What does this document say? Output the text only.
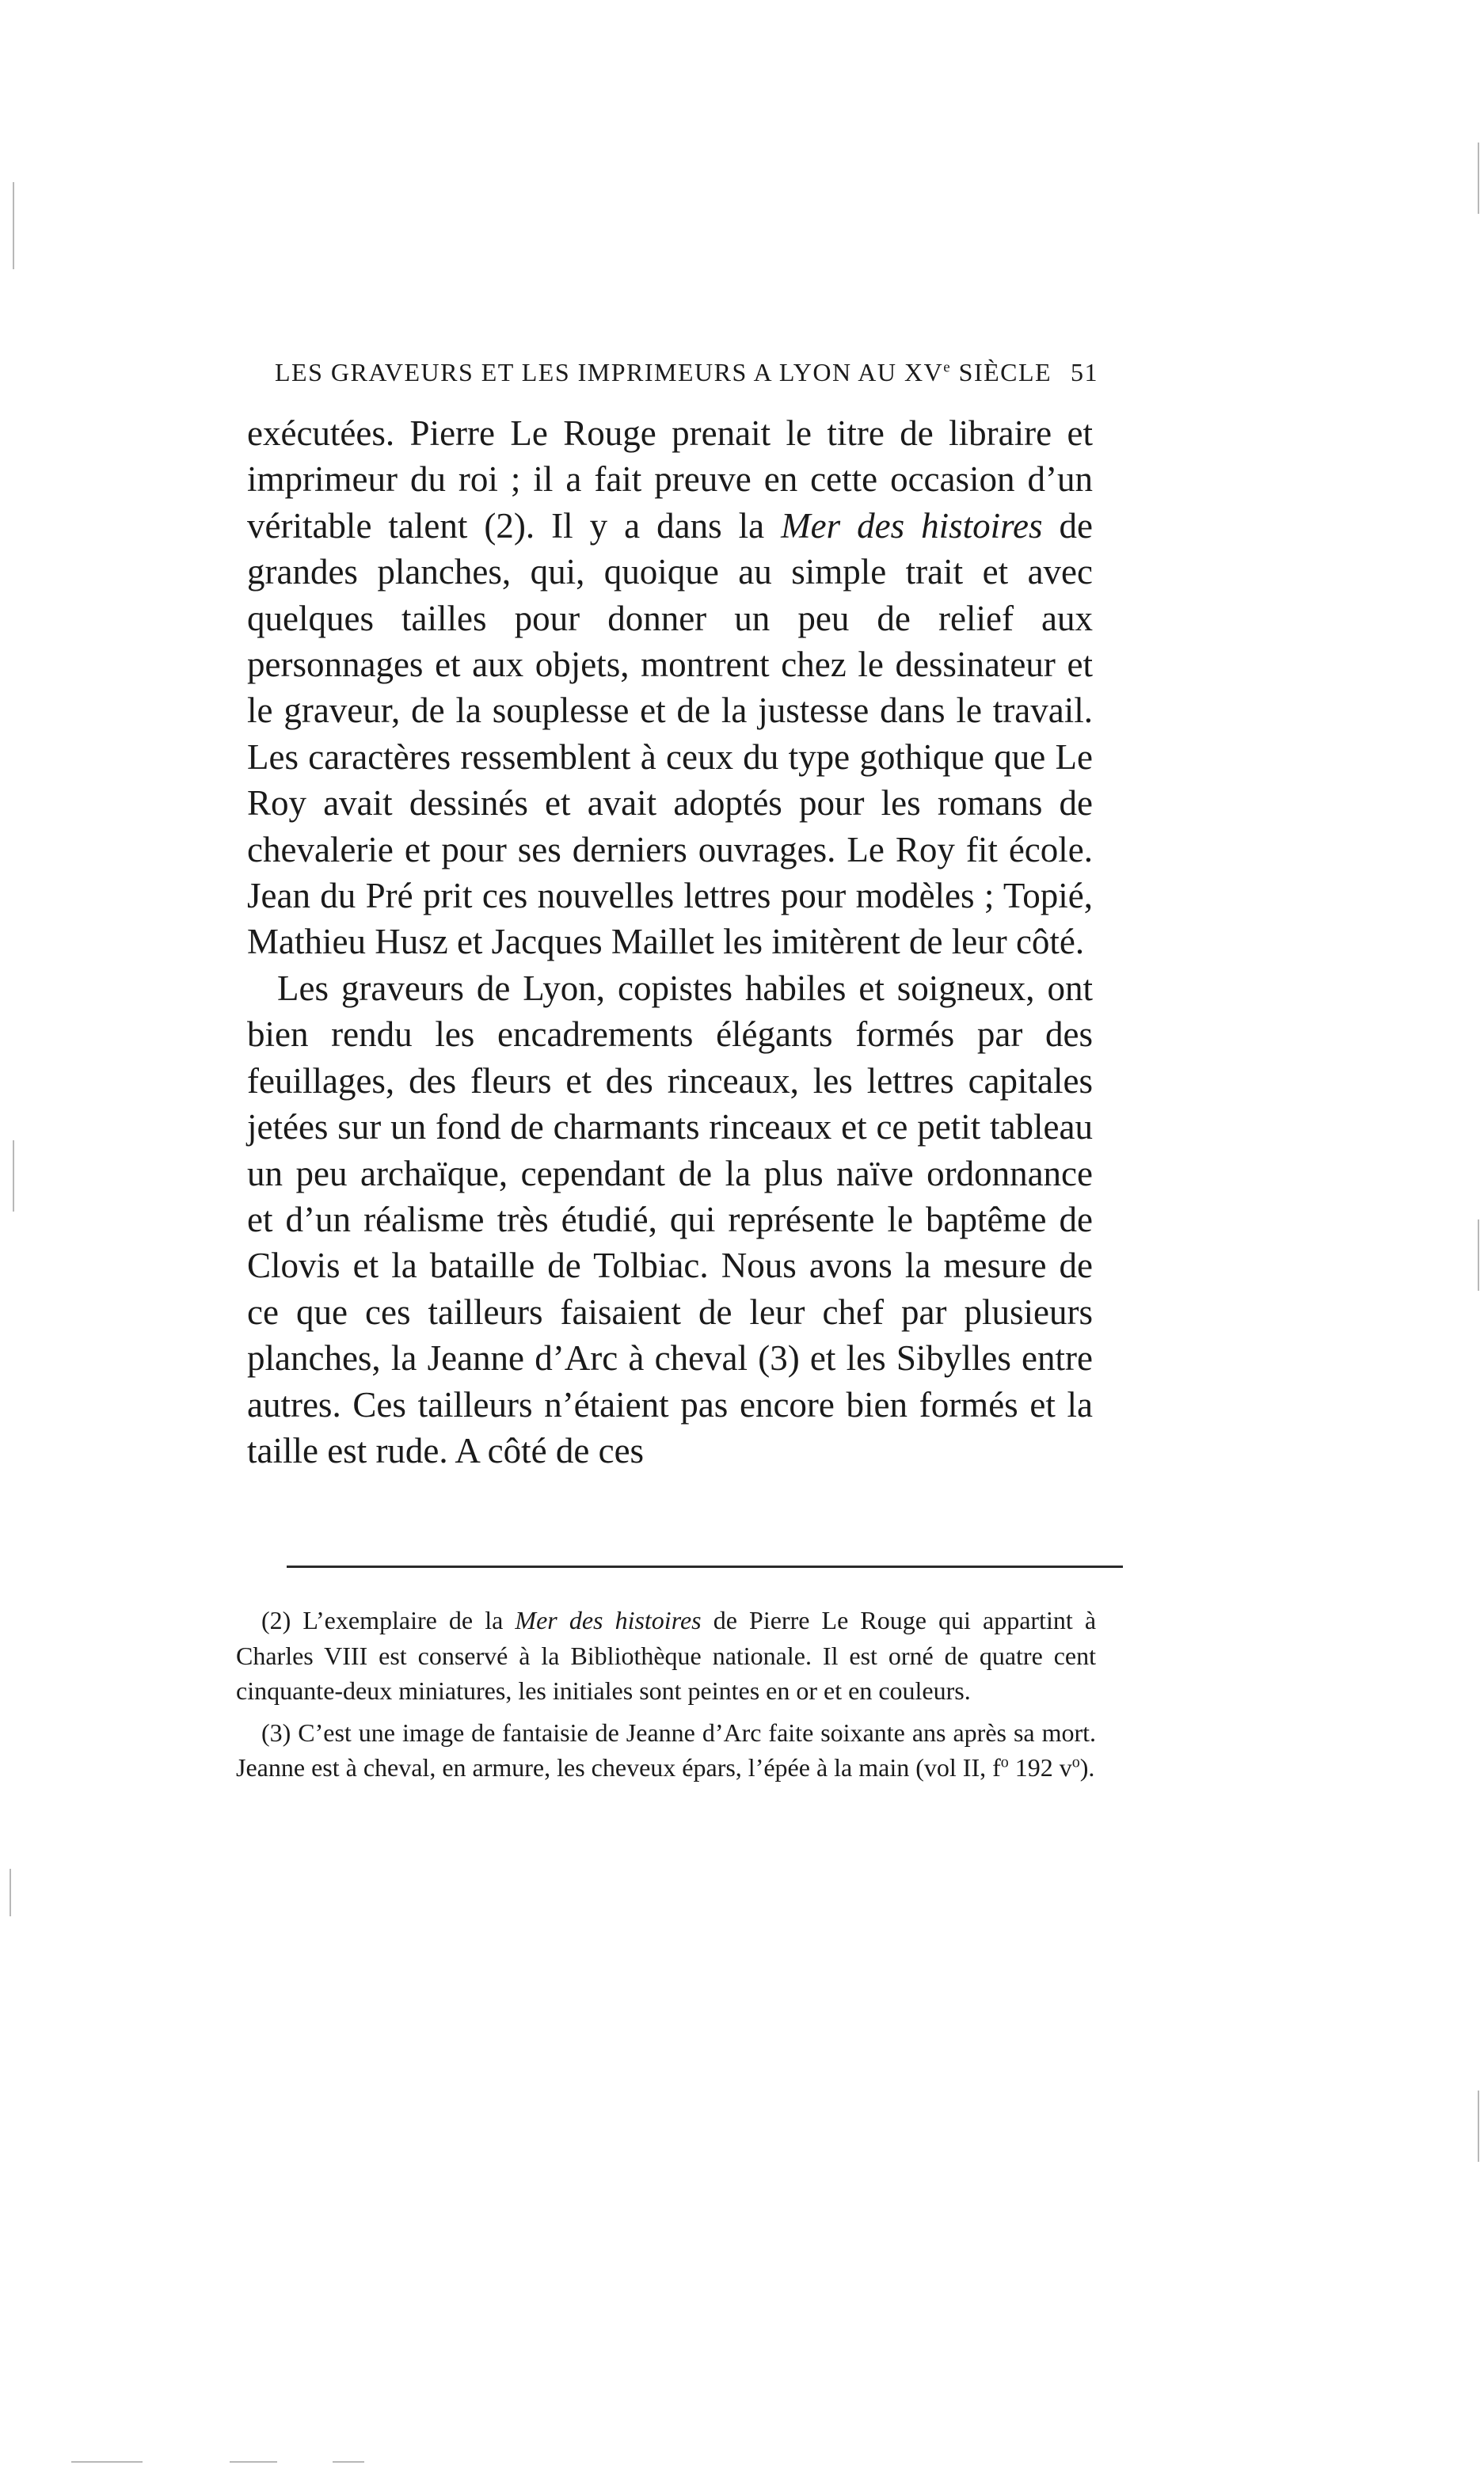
LES GRAVEURS ET LES IMPRIMEURS A LYON AU XVe SIÈCLE 51

exécutées. Pierre Le Rouge prenait le titre de libraire et imprimeur du roi ; il a fait preuve en cette occasion d’un véritable talent (2). Il y a dans la Mer des histoires de grandes planches, qui, quoique au simple trait et avec quelques tailles pour donner un peu de relief aux personnages et aux objets, montrent chez le dessinateur et le graveur, de la souplesse et de la justesse dans le travail. Les caractères ressemblent à ceux du type gothique que Le Roy avait dessinés et avait adoptés pour les romans de chevalerie et pour ses derniers ouvrages. Le Roy fit école. Jean du Pré prit ces nouvelles lettres pour modèles ; Topié, Mathieu Husz et Jacques Maillet les imitèrent de leur côté.

Les graveurs de Lyon, copistes habiles et soigneux, ont bien rendu les encadrements élégants formés par des feuillages, des fleurs et des rinceaux, les lettres capitales jetées sur un fond de charmants rinceaux et ce petit tableau un peu archaïque, cependant de la plus naïve ordonnance et d’un réalisme très étudié, qui représente le baptême de Clovis et la bataille de Tolbiac. Nous avons la mesure de ce que ces tailleurs faisaient de leur chef par plusieurs planches, la Jeanne d’Arc à cheval (3) et les Sibylles entre autres. Ces tailleurs n’étaient pas encore bien formés et la taille est rude. A côté de ces

(2) L’exemplaire de la Mer des histoires de Pierre Le Rouge qui appartint à Charles VIII est conservé à la Bibliothèque nationale. Il est orné de quatre cent cinquante-deux miniatures, les initiales sont peintes en or et en couleurs.

(3) C’est une image de fantaisie de Jeanne d’Arc faite soixante ans après sa mort. Jeanne est à cheval, en armure, les cheveux épars, l’épée à la main (vol II, $f^o$ 192 $v^o$).
